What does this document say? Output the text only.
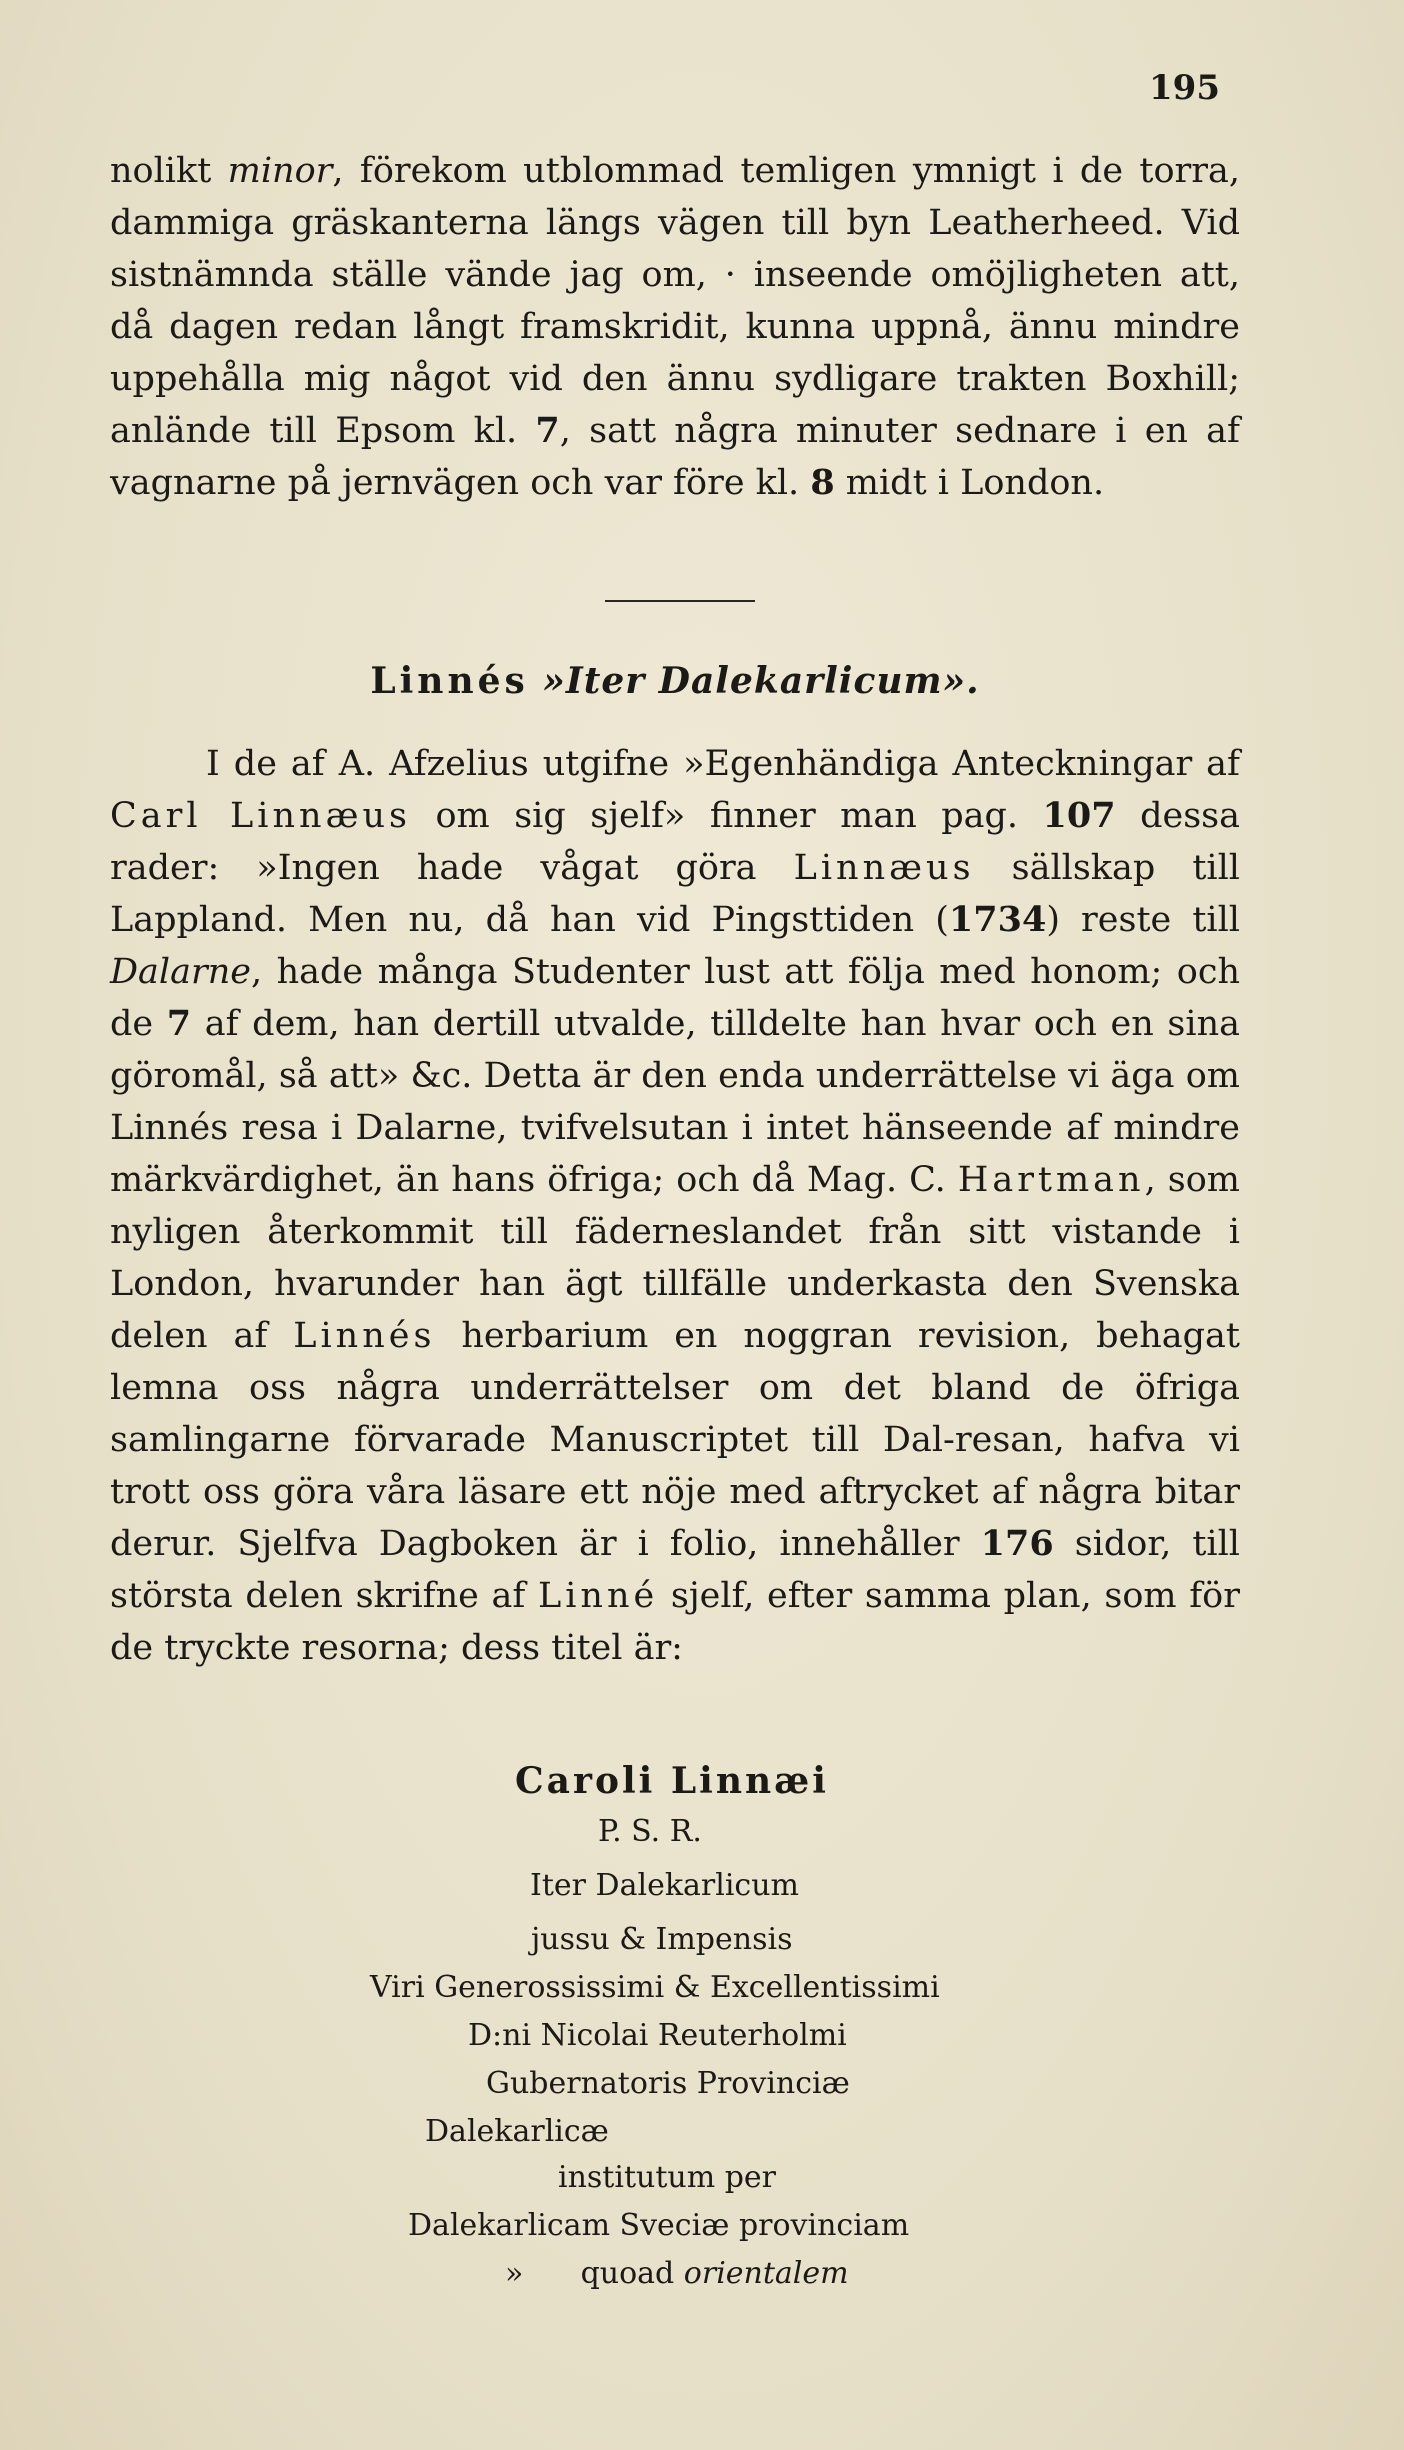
195
nolikt minor, förekom utblommad temligen ymnigt i de torra, dammiga gräskanterna längs vägen till byn Leatherheed. Vid sistnämnda ställe vände jag om, · inseende omöjligheten att, då dagen redan långt framskridit, kunna uppnå, ännu mindre uppehålla mig något vid den ännu sydligare trakten Boxhill; anlände till Epsom kl. 7, satt några minuter sednare i en af vagnarne på jernvägen och var före kl. 8 midt i London.
Linnés »Iter Dalekarlicum».
I de af A. Afzelius utgifne »Egenhändiga Anteckningar af Carl Linnæus om sig sjelf» finner man pag. 107 dessa rader: »Ingen hade vågat göra Linnæus sällskap till Lappland. Men nu, då han vid Pingsttiden (1734) reste till Dalarne, hade många Studenter lust att följa med honom; och de 7 af dem, han dertill utvalde, tilldelte han hvar och en sina göromål, så att» &c. Detta är den enda underrättelse vi äga om Linnés resa i Dalarne, tvifvelsutan i intet hänseende af mindre märkvärdighet, än hans öfriga; och då Mag. C. Hartman, som nyligen återkommit till fäderneslandet från sitt vistande i London, hvarunder han ägt tillfälle underkasta den Svenska delen af Linnés herbarium en noggran revision, behagat lemna oss några underrättelser om det bland de öfriga samlingarne förvarade Manuscriptet till Dal-resan, hafva vi trott oss göra våra läsare ett nöje med aftrycket af några bitar derur. Sjelfva Dagboken är i folio, innehåller 176 sidor, till största delen skrifne af Linné sjelf, efter samma plan, som för de tryckte resorna; dess titel är:
Caroli Linnæi
P. S. R.
Iter Dalekarlicum
jussu & Impensis
Viri Generossissimi & Excellentissimi
D:ni Nicolai Reuterholmi
Gubernatoris Provinciæ
Dalekarlicæ
institutum per
Dalekarlicam Sveciæ provinciam
» quoad orientalem
